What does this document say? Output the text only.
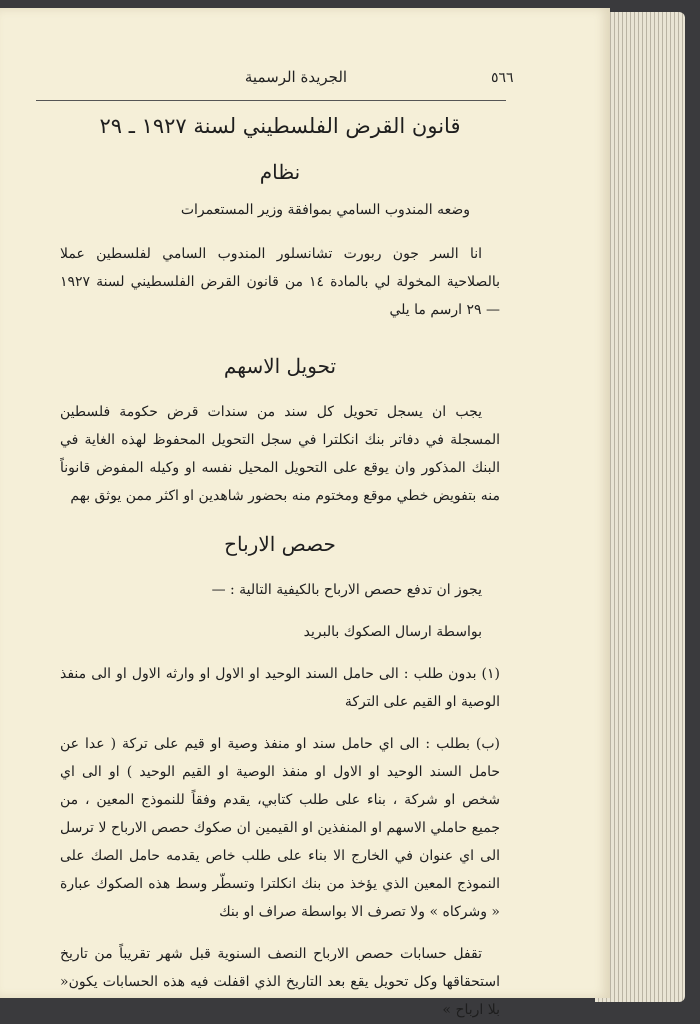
الجريدة الرسمية	٥٦٦
قانون القرض الفلسطيني لسنة ١٩٢٧ ـ ٢٩
نظام
وضعه المندوب السامي بموافقة وزير المستعمرات

انا السر جون ربورت تشانسلور المندوب السامي لفلسطين عملا بالصلاحية المخولة لي بالمادة ١٤ من قانون القرض الفلسطيني لسنة ١٩٢٧ — ٢٩ ارسم ما يلي

تحويل الاسهم

يجب ان يسجل تحويل كل سند من سندات قرض حكومة فلسطين المسجلة في دفاتر بنك انكلترا في سجل التحويل المحفوظ لهذه الغاية في البنك المذكور وان يوقع على التحويل المحيل نفسه او وكيله المفوض قانوناً منه بتفويض خطي موقع ومختوم منه بحضور شاهدين او اكثر ممن يوثق بهم

حصص الارباح

يجوز ان تدفع حصص الارباح بالكيفية التالية : —

بواسطة ارسال الصكوك بالبريد

(١) بدون طلب : الى حامل السند الوحيد او الاول او وارثه الاول او الى منفذ الوصية او القيم على التركة

(ب) بطلب : الى اي حامل سند او منفذ وصية او قيم على تركة ( عدا عن حامل السند الوحيد او الاول او منفذ الوصية او القيم الوحيد ) او الى اي شخص او شركة ، بناء على طلب كتابي، يقدم وفقاً للنموذج المعين ، من جميع حاملي الاسهم او المنفذين او القيمين ان صكوك حصص الارباح لا ترسل الى اي عنوان في الخارج الا بناء على طلب خاص يقدمه حامل الصك على النموذج المعين الذي يؤخذ من بنك انكلترا وتسطّر وسط هذه الصكوك عبارة « وشركاه » ولا تصرف الا بواسطة صراف او بنك

تقفل حسابات حصص الارباح النصف السنوية قبل شهر تقريباً من تاريخ استحقاقها وكل تحويل يقع بعد التاريخ الذي اقفلت فيه هذه الحسابات يكون« بلا ارباح »
